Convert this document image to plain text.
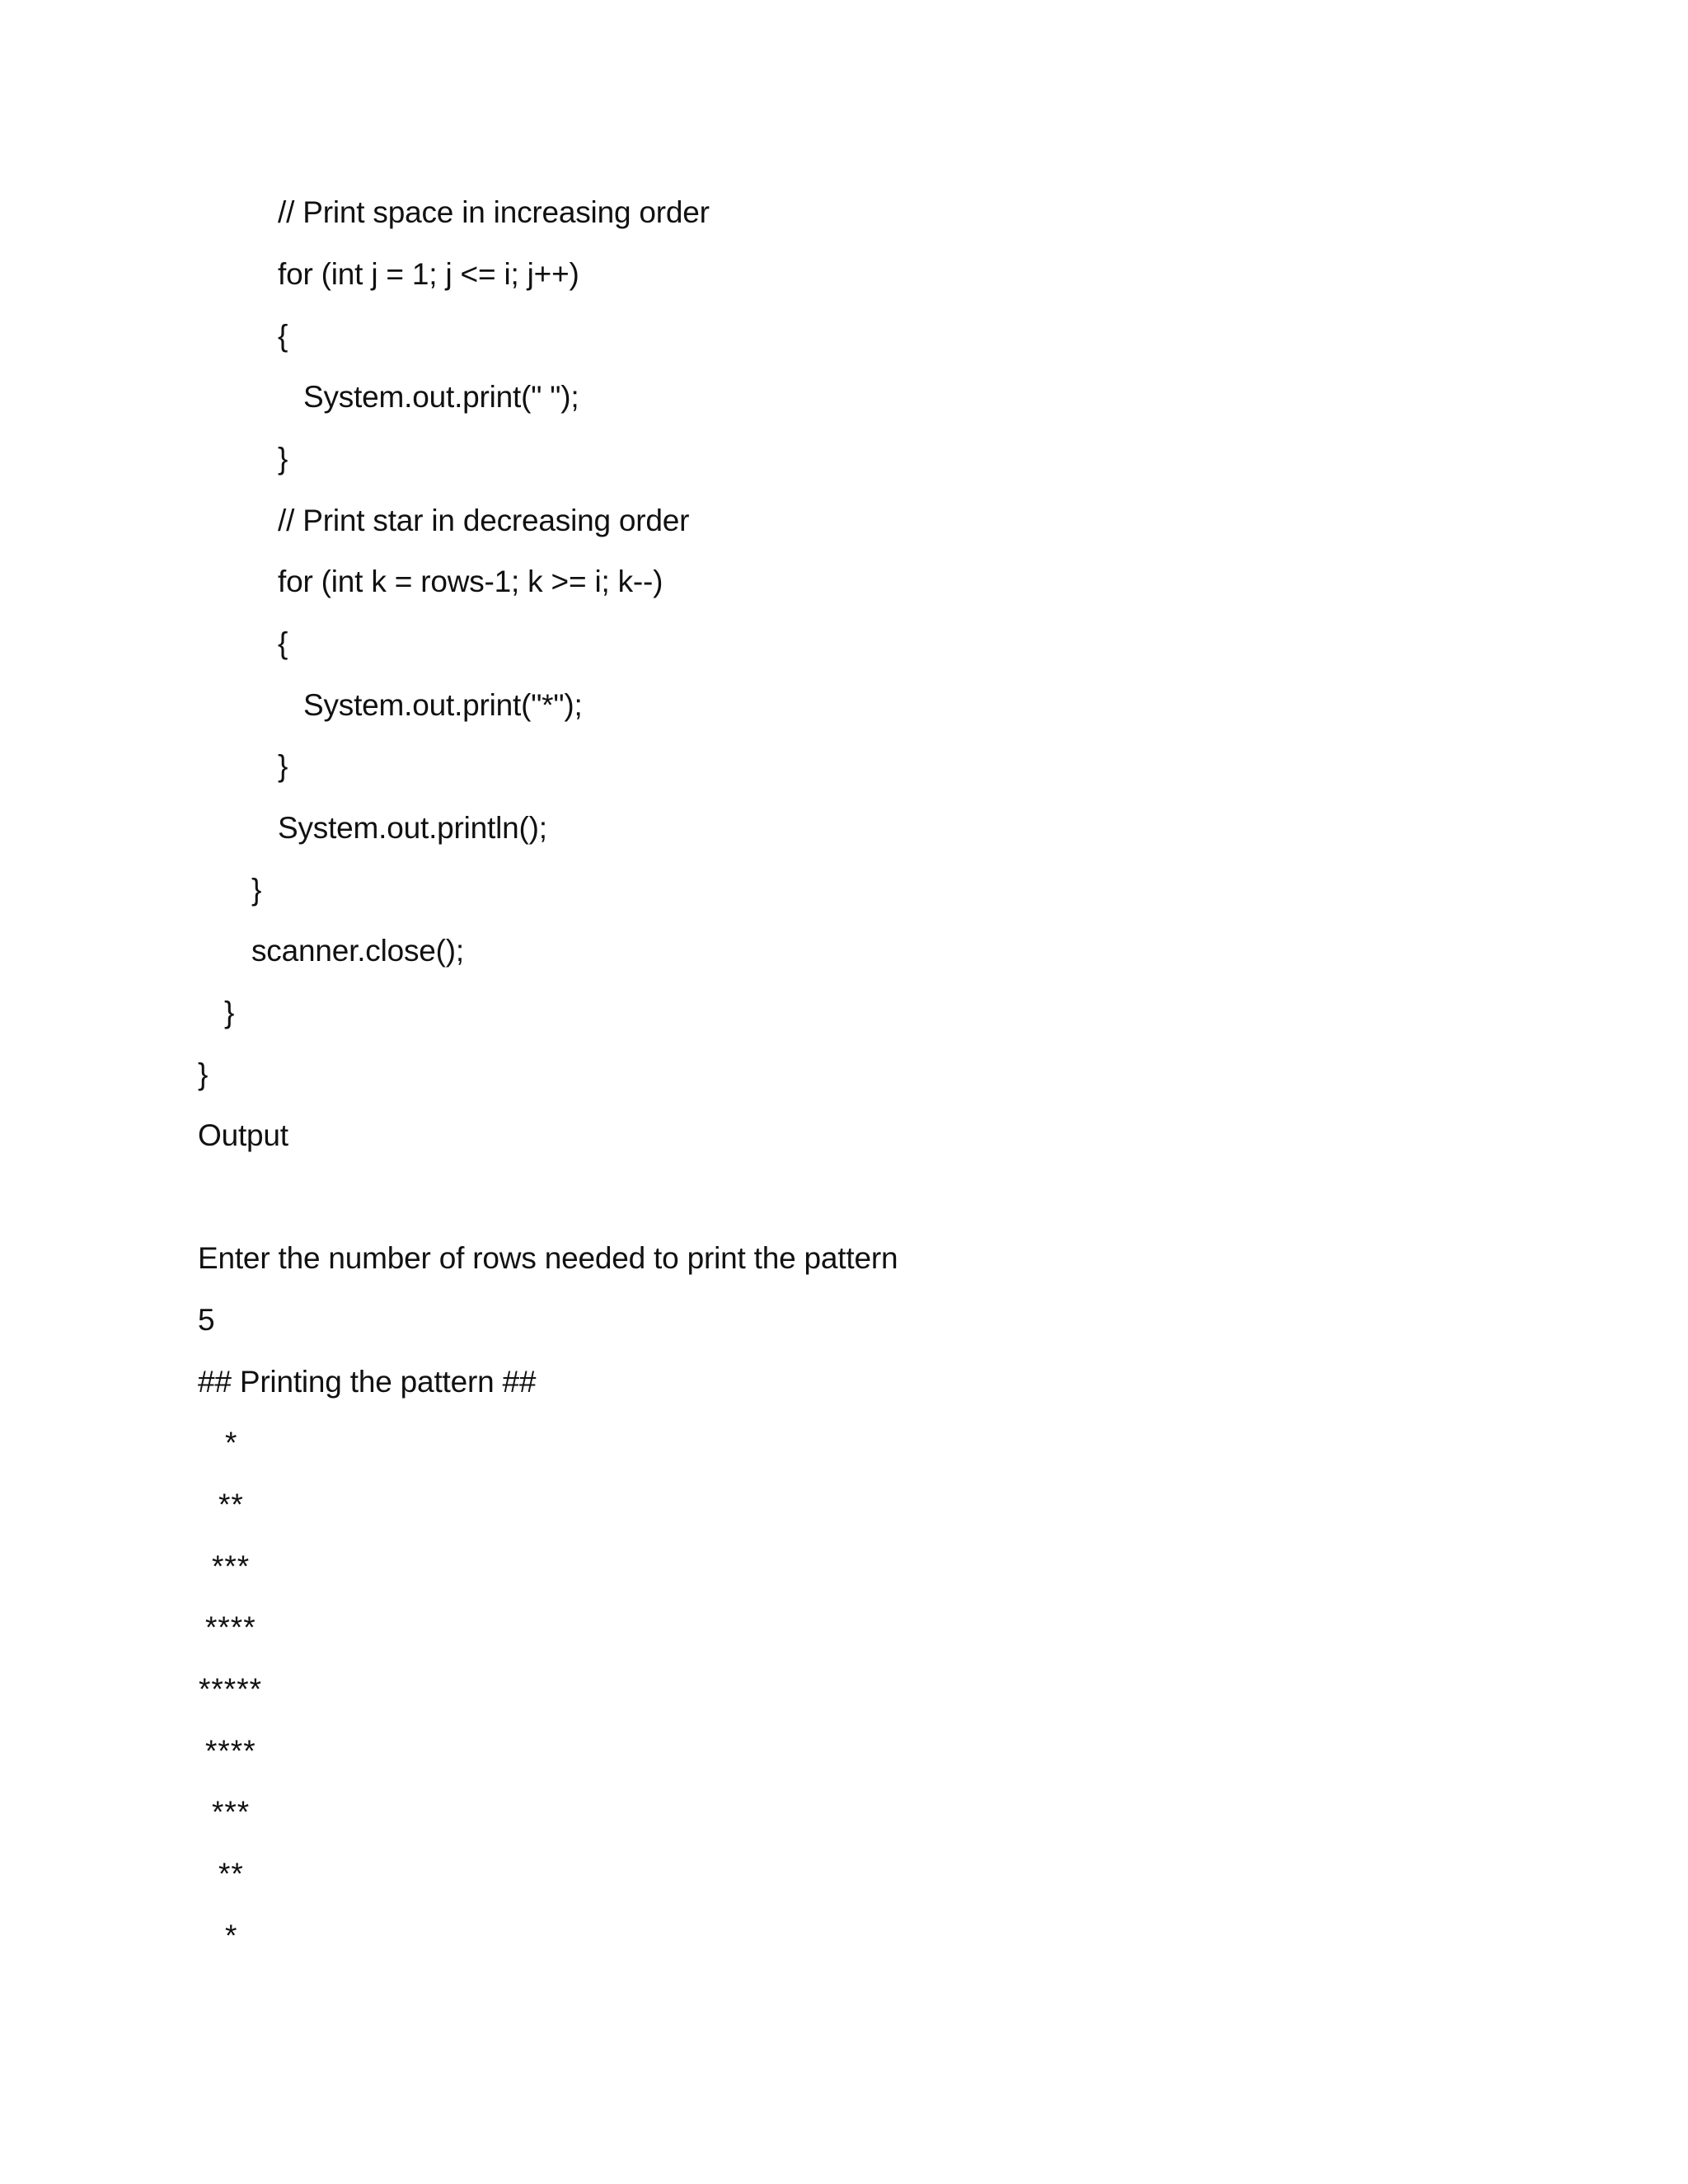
// Print space in increasing order

for (int j = 1; j <= i; j++)

{

System.out.print(" ");

}

// Print star in decreasing order

for (int k = rows-1; k >= i; k--)

{

System.out.print("*");

}

System.out.println();

}

scanner.close();

}

}

Output

Enter the number of rows needed to print the pattern

5

## Printing the pattern ##

*

**

***

****

*****

****

***

**

*
